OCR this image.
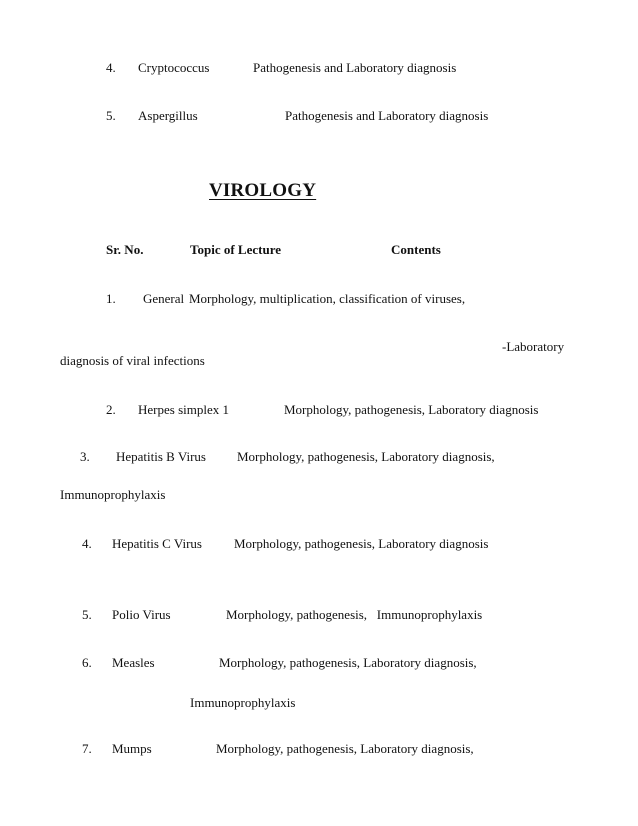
4. Cryptococcus	Pathogenesis and Laboratory diagnosis
5. Aspergillus	Pathogenesis and Laboratory diagnosis
VIROLOGY
Sr. No.	Topic of Lecture	Contents
1. General Morphology, multiplication, classification of viruses,
-Laboratory
diagnosis of viral infections
2. Herpes simplex 1	Morphology, pathogenesis, Laboratory diagnosis
3. Hepatitis B Virus Morphology, pathogenesis, Laboratory diagnosis,
Immunoprophylaxis
4. Hepatitis C Virus Morphology, pathogenesis, Laboratory diagnosis
5. Polio Virus	Morphology, pathogenesis,   Immunoprophylaxis
6. Measles	Morphology, pathogenesis, Laboratory diagnosis,
Immunoprophylaxis
7. Mumps	Morphology, pathogenesis, Laboratory diagnosis,
